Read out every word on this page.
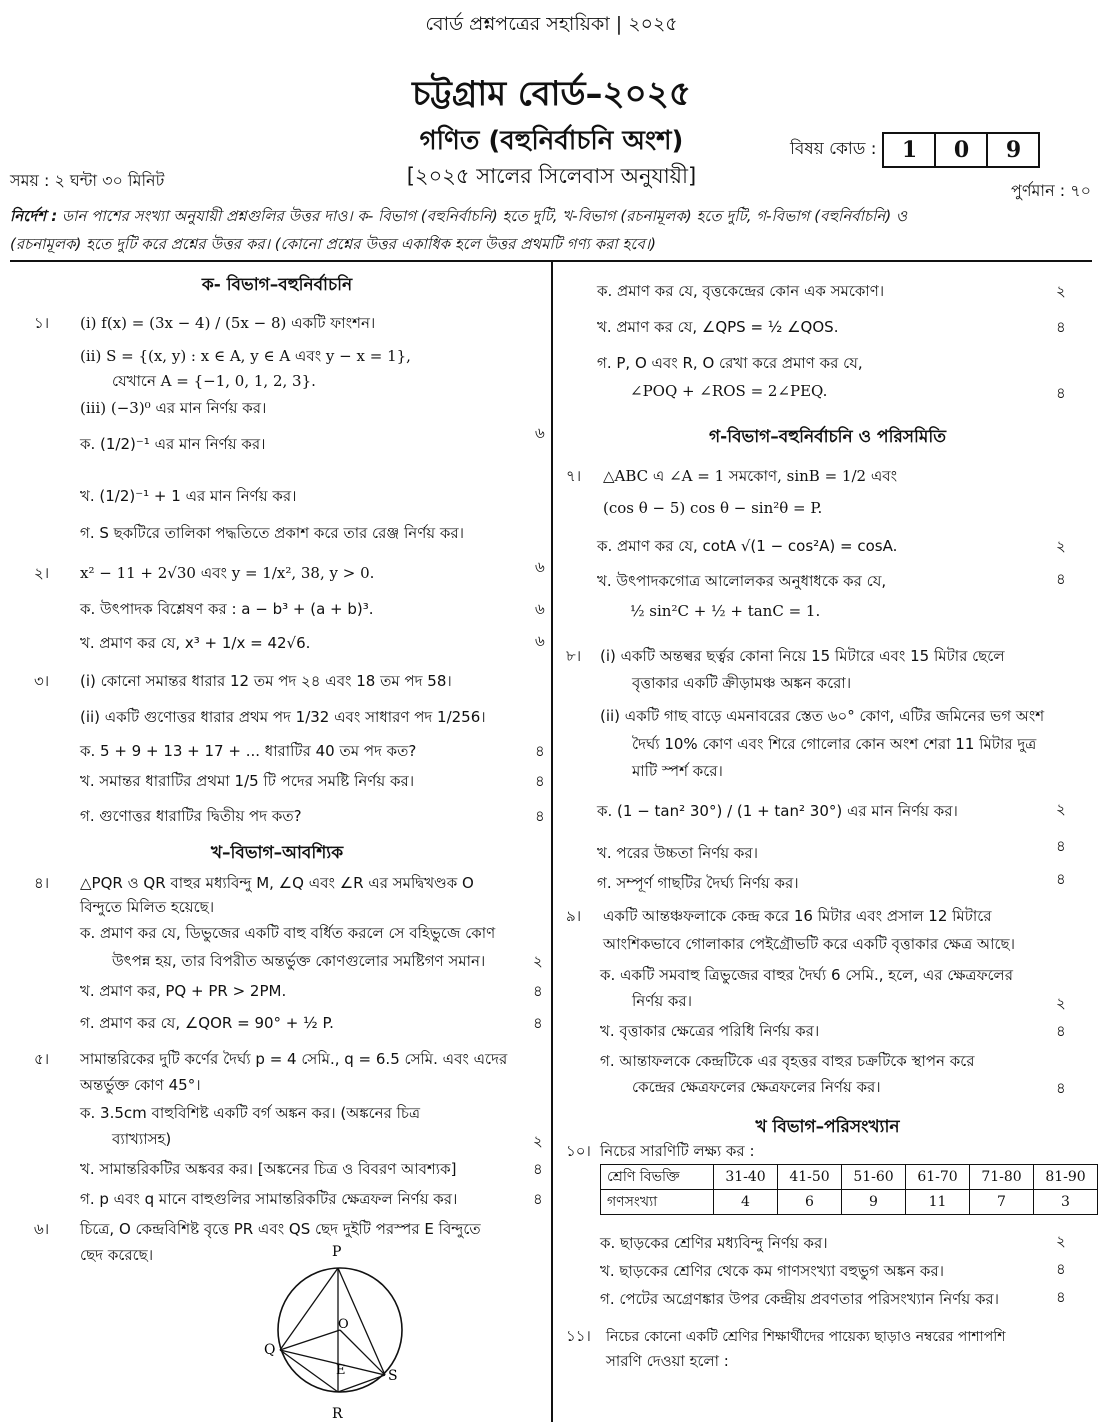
বোর্ড প্রশ্নপত্রের সহায়িকা | ২০২৫
চট্টগ্রাম বোর্ড–২০২৫
গণিত (বহুনির্বাচনি অংশ)
[২০২৫ সালের সিলেবাস অনুযায়ী]
বিষয় কোড :	1	0	9
সময় : ২ ঘন্টা ৩০ মিনিট
পুর্ণমান : ৭০
নির্দেশ : ডান পাশের সংখ্যা অনুযায়ী প্রশ্নগুলির উত্তর দাও। ক- বিভাগ (বহুনির্বাচনি) হতে দুটি, খ-বিভাগ (রচনামূলক) হতে দুটি, গ-বিভাগ (বহুনির্বাচনি) ও
(রচনামূলক) হতে দুটি করে প্রশ্নের উত্তর কর। (কোনো প্রশ্নের উত্তর একাধিক হলে উত্তর প্রথমটি গণ্য করা হবে।)
ক- বিভাগ–বহুনির্বাচনি
১। (i) f(x) = (3x − 4) / (5x − 8) একটি ফাংশন।
(ii) S = {(x, y) : x ∈ A, y ∈ A এবং y − x = 1},
যেখানে A = {−1, 0, 1, 2, 3}.
(iii) (−3)⁰ এর মান নির্ণয় কর।
ক. (1/2)⁻¹ এর মান নির্ণয় কর।
৬
খ. (1/2)⁻¹ + 1 এর মান নির্ণয় কর।
গ. S ছকটিরে তালিকা পদ্ধতিতে প্রকাশ করে তার রেঞ্জ নির্ণয় কর।
২। x² − 11 + 2√30 এবং y = 1/x², 38, y > 0.	৬
ক. উৎপাদক বিশ্লেষণ কর : a − b³ + (a + b)³.	৬
খ. প্রমাণ কর যে, x³ + 1/x = 42√6.	৬
৩। (i) কোনো সমান্তর ধারার 12 তম পদ ২৪ এবং 18 তম পদ 58।
(ii) একটি গুণোত্তর ধারার প্রথম পদ 1/32 এবং সাধারণ পদ 1/256।
ক. 5 + 9 + 13 + 17 + ... ধারাটির 40 তম পদ কত?	৪
খ. সমান্তর ধারাটির প্রথমা 1/5 টি পদের সমষ্টি নির্ণয় কর।	৪
গ. গুণোত্তর ধারাটির দ্বিতীয় পদ কত?	৪
খ–বিভাগ–আবশ্যিক
৪। △PQR ও QR বাহুর মধ্যবিন্দু M, ∠Q এবং ∠R এর সমদ্বিখণ্ডক O
বিন্দুতে মিলিত হয়েছে।
ক. প্রমাণ কর যে, ডিভুজের একটি বাহু বর্ধিত করলে সে বহিভুজে কোণ
উৎপন্ন হয়, তার বিপরীত অন্তর্ভুক্ত কোণগুলোর সমষ্টিগণ সমান।	২
খ. প্রমাণ কর, PQ + PR > 2PM.	৪
গ. প্রমাণ কর যে, ∠QOR = 90° + ½ P.	৪
৫। সামান্তরিকের দুটি কর্ণের দৈর্ঘ্য p = 4 সেমি., q = 6.5 সেমি. এবং এদের
অন্তর্ভুক্ত কোণ 45°।
ক. 3.5cm বাহুবিশিষ্ট একটি বর্গ অঙ্কন কর। (অঙ্কনের চিত্র
ব্যাখ্যাসহ)	২
খ. সামান্তরিকটির অঙ্কবর কর। [অঙ্কনের চিত্র ও বিবরণ আবশ্যক]	৪
গ. p এবং q মানে বাহুগুলির সামান্তরিকটির ক্ষেত্রফল নির্ণয় কর।	৪
৬। চিত্রে, O কেন্দ্রবিশিষ্ট বৃত্তে PR এবং QS ছেদ দুইটি পরস্পর E বিন্দুতে
ছেদ করেছে।	P
Q
S
R
O
E
ক. প্রমাণ কর যে, বৃত্তকেন্দ্রের কোন এক সমকোণ।	২
খ. প্রমাণ কর যে, ∠QPS = ½ ∠QOS.	৪
গ. P, O এবং R, O রেখা করে প্রমাণ কর যে,
∠POQ + ∠ROS = 2∠PEQ.	৪
গ-বিভাগ–বহুনির্বাচনি ও পরিসমিতি
৭। △ABC এ ∠A = 1 সমকোণ, sinB = 1/2 এবং
(cos θ − 5) cos θ − sin²θ = P.
ক. প্রমাণ কর যে, cotA √(1 − cos²A) = cosA.	২
খ. উৎপাদকগোত্র আলোলকর অনুধাধকে কর যে,
½ sin²C + ½ + tanC = 1.
৪
৮। (i) একটি অন্তল্বর ছর্ত্বর কোনা নিয়ে 15 মিটারে এবং 15 মিটার ছেলে
বৃত্তাকার একটি ক্রীড়ামঞ্চ অঙ্কন করো।
(ii) একটি গাছ বাড়ে এমনাবরের স্তেত ৬০° কোণ, এটির জমিনের ভগ অংশ
দৈর্ঘ্য 10% কোণ এবং শিরে গোলোর কোন অংশ শেরা 11 মিটার দুত্র
মাটি স্পর্শ করে।
ক. (1 − tan² 30°) / (1 + tan² 30°) এর মান নির্ণয় কর।	২
খ. পরের উচ্চতা নির্ণয় কর।	৪
গ. সম্পূর্ণ গাছটির দৈর্ঘ্য নির্ণয় কর।	৪
৯। একটি আন্তঞ্চফলাকে কেন্দ্র করে 16 মিটার এবং প্রসাল 12 মিটারে
আংশিকভাবে গোলাকার পেইগ্রৌভটি করে একটি বৃত্তাকার ক্ষেত্র আছে।
ক. একটি সমবাহু ত্রিভুজের বাহুর দৈর্ঘ্য 6 সেমি., হলে, এর ক্ষেত্রফলের
নির্ণয় কর।	২
খ. বৃত্তাকার ক্ষেত্রের পরিধি নির্ণয় কর।	৪
গ. আন্তাফলকে কেন্দ্রটিকে এর বৃহত্তর বাহুর চক্রটিকে স্থাপন করে
কেন্দ্রের ক্ষেত্রফলের ক্ষেত্রফলের নির্ণয় কর।	৪
খ বিভাগ–পরিসংখ্যান
১০। নিচের সারণিটি লক্ষ্য কর :
শ্রেণি বিভক্তি	31-40	41-50	51-60	61-70	71-80	81-90
গণসংখ্যা	4	6	9	11	7	3
ক. ছাড়কের শ্রেণির মধ্যবিন্দু নির্ণয় কর।	২
খ. ছাড়কের শ্রেণির থেকে কম গাণসংখ্যা বহুভুগ অঙ্কন কর।	৪
গ. পেটের অগ্রেণঙ্কার উপর কেন্দ্রীয় প্রবণতার পরিসংখ্যান নির্ণয় কর।	৪
১১। নিচের কোনো একটি শ্রেণির শিক্ষার্থীদের পায়েক্য ছাড়াও নম্বরের পাশাপশি
সারণি দেওয়া হলো :
